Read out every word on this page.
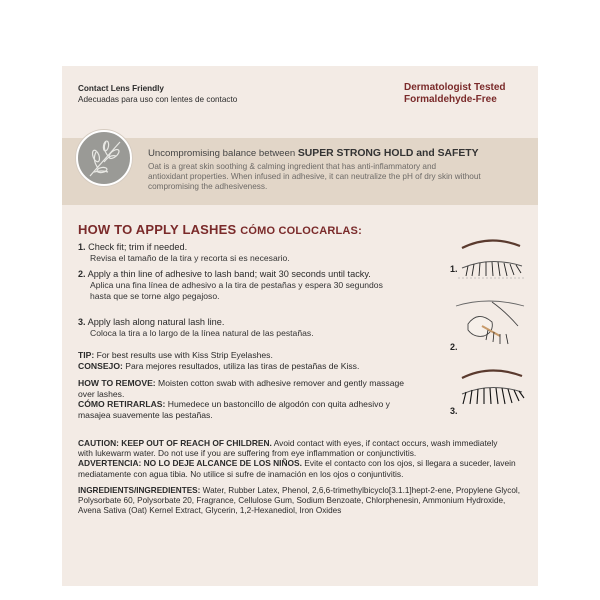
Contact Lens Friendly
Adecuadas para uso con lentes de contacto
Dermatologist Tested
Formaldehyde-Free
Uncompromising balance between SUPER STRONG HOLD and SAFETY
Oat is a great skin soothing & calming ingredient that has anti-inflammatory and
antioxidant properties. When infused in adhesive, it can neutralize the pH of dry skin without
compromising the adhesiveness.
HOW TO APPLY LASHES CÓMO COLOCARLAS:
1. Check fit; trim if needed.
Revisa el tamaño de la tira y recorta si es necesario.
2. Apply a thin line of adhesive to lash band; wait 30 seconds until tacky.
Aplica una fina línea de adhesivo a la tira de pestañas y espera 30 segundos
hasta que se torne algo pegajoso.
3. Apply lash along natural lash line.
Coloca la tira a lo largo de la línea natural de las pestañas.
TIP: For best results use with Kiss Strip Eyelashes.
CONSEJO: Para mejores resultados, utiliza las tiras de pestañas de Kiss.
HOW TO REMOVE: Moisten cotton swab with adhesive remover and gently massage
over lashes.
CÓMO RETIRARLAS: Humedece un bastoncillo de algodón con quita adhesivo y
masajea suavemente las pestañas.
1.
2.
3.
CAUTION: KEEP OUT OF REACH OF CHILDREN. Avoid contact with eyes, if contact occurs, wash immediately
with lukewarm water. Do not use if you are suffering from eye inflammation or conjunctivitis.
ADVERTENCIA: NO LO DEJE ALCANCE DE LOS NIÑOS. Evite el contacto con los ojos, si llegara a suceder, lavein
mediatamente con agua tibia. No utilice si sufre de inamación en los ojos o conjuntivitis.
INGREDIENTS/INGREDIENTES: Water, Rubber Latex, Phenol, 2,6,6-trimethylbicyclo[3.1.1]hept-2-ene, Propylene Glycol,
Polysorbate 60, Polysorbate 20, Fragrance, Cellulose Gum, Sodium Benzoate, Chlorphenesin, Ammonium Hydroxide,
Avena Sativa (Oat) Kernel Extract, Glycerin, 1,2-Hexanediol, Iron Oxides
